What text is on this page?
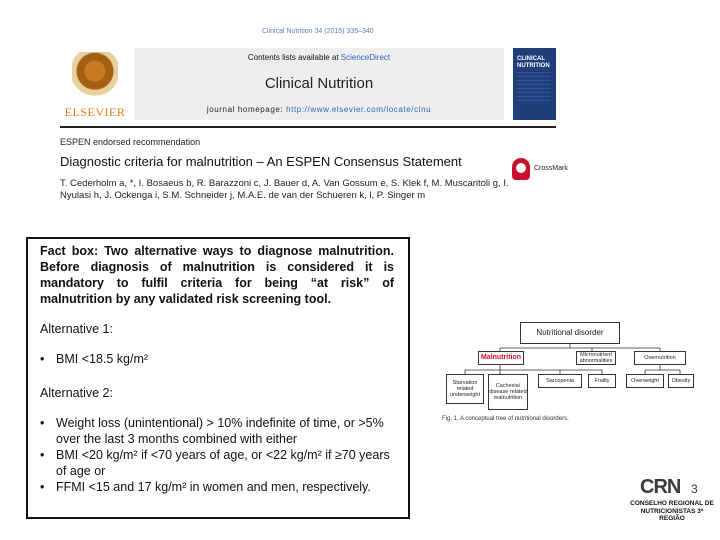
Clinical Nutrition 34 (2015) 335–340
ELSEVIER
Contents lists available at ScienceDirect
Clinical Nutrition
journal homepage: http://www.elsevier.com/locate/clnu
CLINICAL NUTRITION
ESPEN endorsed recommendation
Diagnostic criteria for malnutrition – An ESPEN Consensus Statement	CrossMark
T. Cederholm a, *, I. Bosaeus b, R. Barazzoni c, J. Bauer d, A. Van Gossum e, S. Klek f, M. Muscaritoli g, I. Nyulasi h, J. Ockenga i, S.M. Schneider j, M.A.E. de van der Schueren k, l, P. Singer m
Fact box: Two alternative ways to diagnose malnutrition. Before diagnosis of malnutrition is considered it is mandatory to fulfil criteria for being “at risk” of malnutrition by any validated risk screening tool.
Alternative 1:
• BMI <18.5 kg/m²
Alternative 2:
• Weight loss (unintentional) > 10% indefinite of time, or >5% over the last 3 months combined with either
• BMI <20 kg/m² if <70 years of age, or <22 kg/m² if ≥70 years of age or
• FFMI <15 and 17 kg/m² in women and men, respectively.
Nutritional disorder
Malnutrition	Micronutrient abnormalities	Overnutrition
Starvation related underweight
Cachexia/ disease related malnutrition
Sarcopenia	Frailty	Overweight	Obesity
Fig. 1. A conceptual tree of nutritional disorders.
CRN 3
CONSELHO REGIONAL DE
NUTRICIONISTAS 3ª REGIÃO
